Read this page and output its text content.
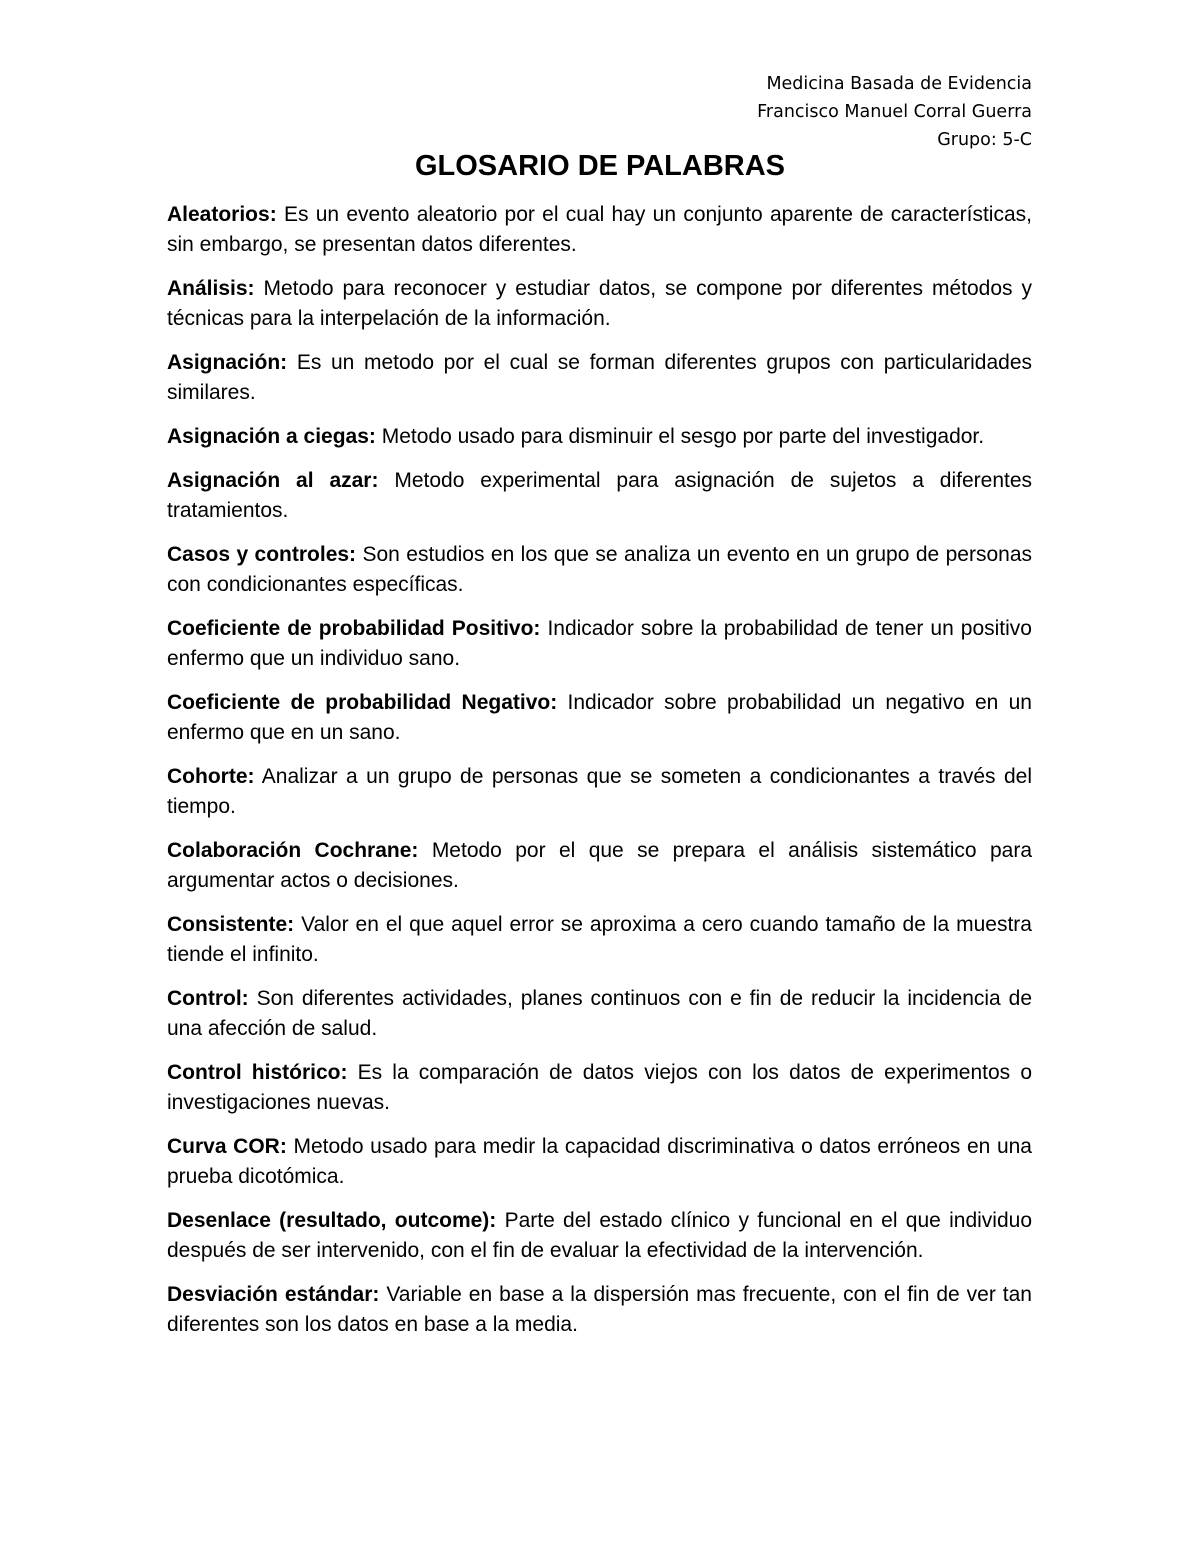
Medicina Basada de Evidencia
Francisco Manuel Corral Guerra
Grupo: 5-C
GLOSARIO DE PALABRAS

Aleatorios: Es un evento aleatorio por el cual hay un conjunto aparente de características, sin embargo, se presentan datos diferentes.

Análisis: Metodo para reconocer y estudiar datos, se compone por diferentes métodos y técnicas para la interpelación de la información.

Asignación: Es un metodo por el cual se forman diferentes grupos con particularidades similares.

Asignación a ciegas: Metodo usado para disminuir el sesgo por parte del investigador.

Asignación al azar: Metodo experimental para asignación de sujetos a diferentes tratamientos.

Casos y controles: Son estudios en los que se analiza un evento en un grupo de personas con condicionantes específicas.

Coeficiente de probabilidad Positivo: Indicador sobre la probabilidad de tener un positivo enfermo que un individuo sano.

Coeficiente de probabilidad Negativo: Indicador sobre probabilidad un negativo en un enfermo que en un sano.

Cohorte: Analizar a un grupo de personas que se someten a condicionantes a través del tiempo.

Colaboración Cochrane: Metodo por el que se prepara el análisis sistemático para argumentar actos o decisiones.

Consistente: Valor en el que aquel error se aproxima a cero cuando tamaño de la muestra tiende el infinito.

Control: Son diferentes actividades, planes continuos con e fin de reducir la incidencia de una afección de salud.

Control histórico: Es la comparación de datos viejos con los datos de experimentos o investigaciones nuevas.

Curva COR: Metodo usado para medir la capacidad discriminativa o datos erróneos en una prueba dicotómica.

Desenlace (resultado, outcome): Parte del estado clínico y funcional en el que individuo después de ser intervenido, con el fin de evaluar la efectividad de la intervención.

Desviación estándar: Variable en base a la dispersión mas frecuente, con el fin de ver tan diferentes son los datos en base a la media.
